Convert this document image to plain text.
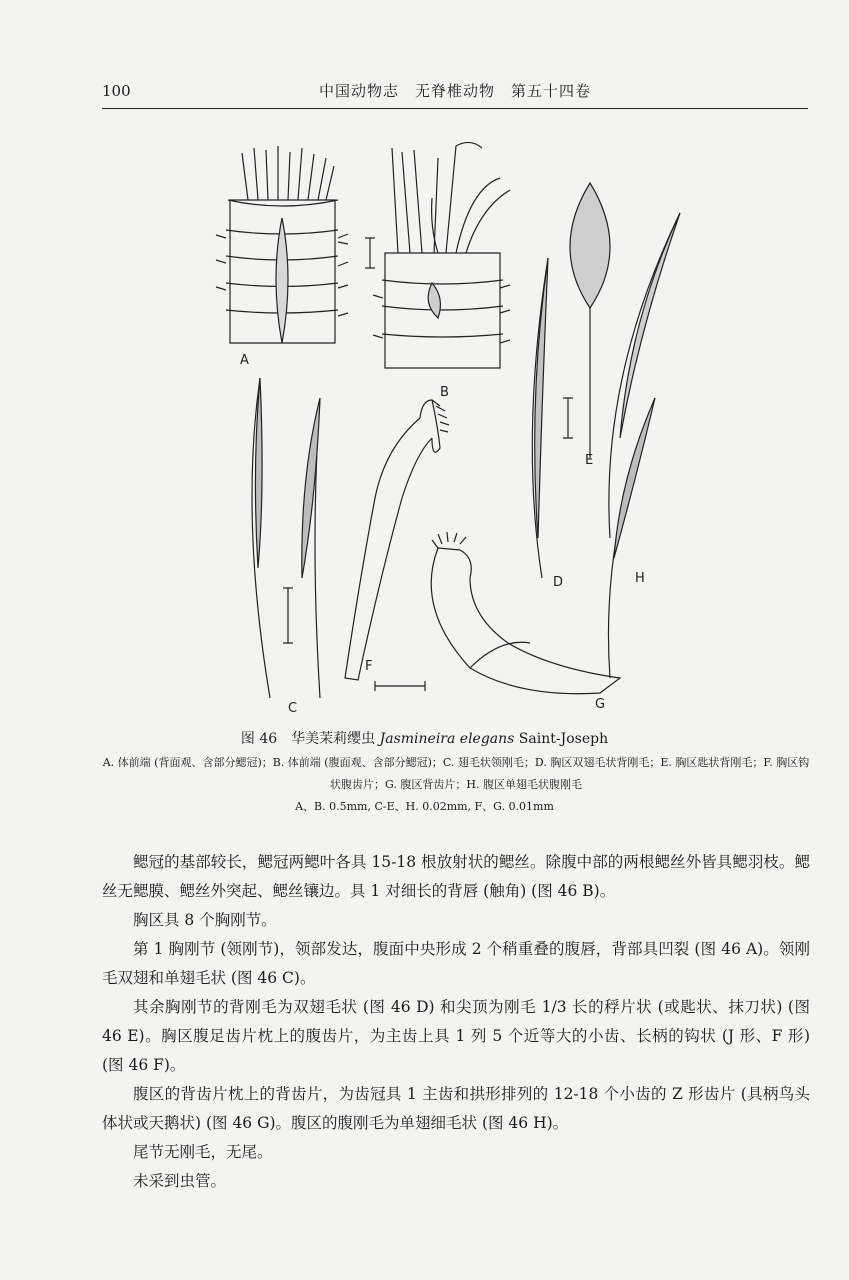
100	中国动物志　无脊椎动物　第五十四卷
A
B
C
D
E
F
G
H
图 46　华美茉莉缨虫 Jasmineira elegans Saint-Joseph
A. 体前端 (背面观、含部分鳃冠)；B. 体前端 (腹面观、含部分鳃冠)；C. 翅毛状领刚毛；D. 胸区双翅毛状背刚毛；E. 胸区匙状背刚毛；F. 胸区钩状腹齿片；G. 腹区背齿片；H. 腹区单翅毛状腹刚毛
A、B. 0.5mm, C-E、H. 0.02mm, F、G. 0.01mm

鳃冠的基部较长，鳃冠两鳃叶各具 15-18 根放射状的鳃丝。除腹中部的两根鳃丝外皆具鳃羽枝。鳃丝无鳃膜、鳃丝外突起、鳃丝镶边。具 1 对细长的背唇 (触角) (图 46 B)。

胸区具 8 个胸刚节。

第 1 胸刚节 (领刚节)，领部发达，腹面中央形成 2 个稍重叠的腹唇，背部具凹裂 (图 46 A)。领刚毛双翅和单翅毛状 (图 46 C)。

其余胸刚节的背刚毛为双翅毛状 (图 46 D) 和尖顶为刚毛 1/3 长的稃片状 (或匙状、抹刀状) (图 46 E)。胸区腹足齿片枕上的腹齿片，为主齿上具 1 列 5 个近等大的小齿、长柄的钩状 (J 形、F 形) (图 46 F)。

腹区的背齿片枕上的背齿片，为齿冠具 1 主齿和拱形排列的 12-18 个小齿的 Z 形齿片 (具柄鸟头体状或天鹅状) (图 46 G)。腹区的腹刚毛为单翅细毛状 (图 46 H)。

尾节无刚毛，无尾。

未采到虫管。
